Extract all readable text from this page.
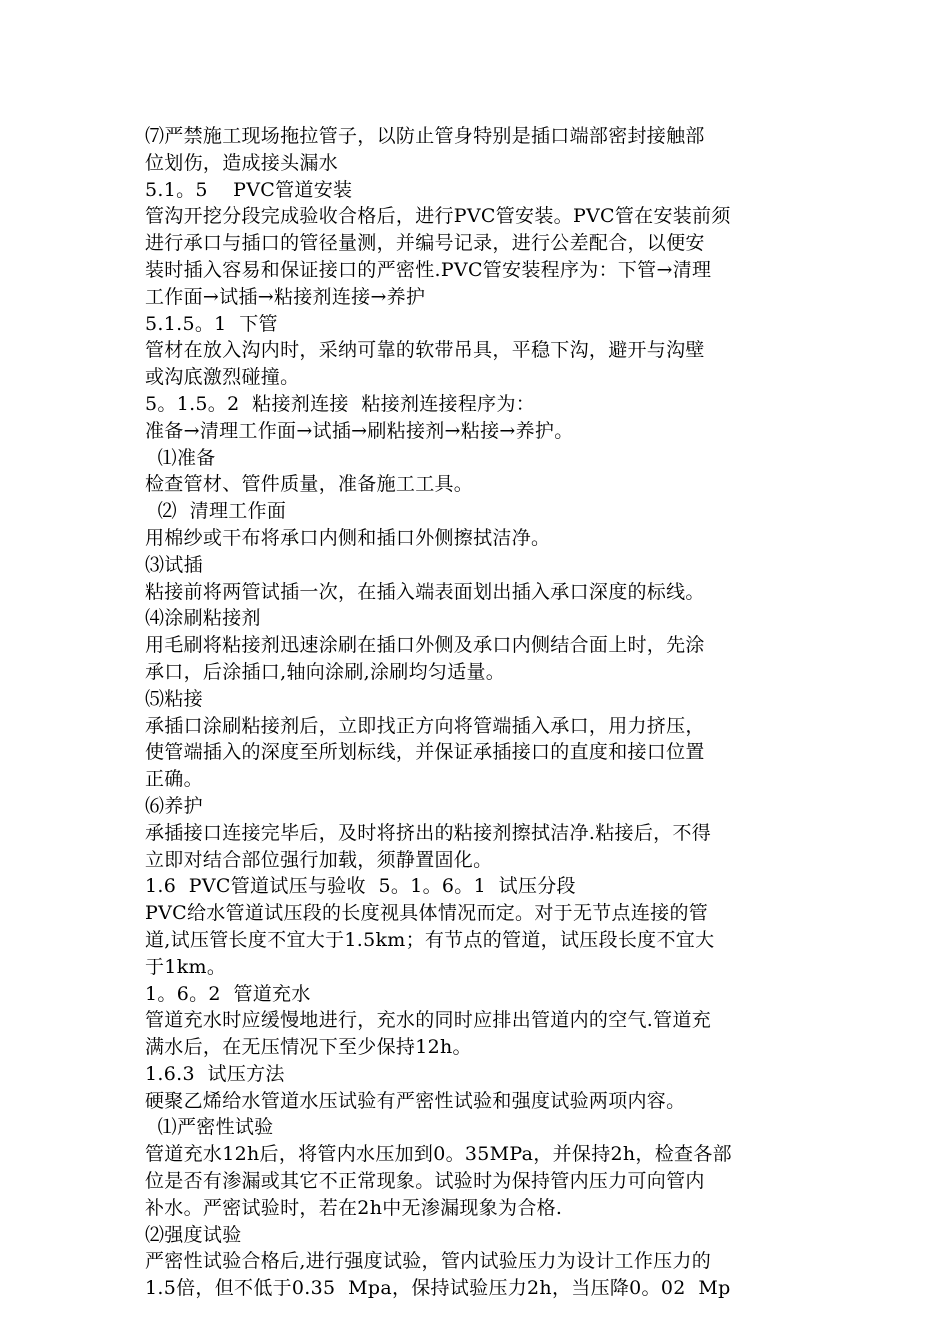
⑺严禁施工现场拖拉管子，以防止管身特别是插口端部密封接触部
位划伤，造成接头漏水
5.1。5    PVC管道安装
管沟开挖分段完成验收合格后，进行PVC管安装。PVC管在安装前须
进行承口与插口的管径量测，并编号记录，进行公差配合，以便安
装时插入容易和保证接口的严密性.PVC管安装程序为：下管→清理
工作面→试插→粘接剂连接→养护
5.1.5。1  下管
管材在放入沟内时，采纳可靠的软带吊具，平稳下沟，避开与沟壁
或沟底激烈碰撞。
5。1.5。2  粘接剂连接  粘接剂连接程序为：
准备→清理工作面→试插→刷粘接剂→粘接→养护。
⑴准备
检查管材、管件质量，准备施工工具。
⑵  清理工作面
用棉纱或干布将承口内侧和插口外侧擦拭洁净。
⑶试插
粘接前将两管试插一次，在插入端表面划出插入承口深度的标线。
⑷涂刷粘接剂
用毛刷将粘接剂迅速涂刷在插口外侧及承口内侧结合面上时，先涂
承口，后涂插口,轴向涂刷,涂刷均匀适量。
⑸粘接
承插口涂刷粘接剂后，立即找正方向将管端插入承口，用力挤压，
使管端插入的深度至所划标线，并保证承插接口的直度和接口位置
正确。
⑹养护
承插接口连接完毕后，及时将挤出的粘接剂擦拭洁净.粘接后，不得
立即对结合部位强行加载，须静置固化。
1.6  PVC管道试压与验收  5。1。6。1  试压分段
PVC给水管道试压段的长度视具体情况而定。对于无节点连接的管
道,试压管长度不宜大于1.5km；有节点的管道，试压段长度不宜大
于1km。
1。6。2  管道充水
管道充水时应缓慢地进行，充水的同时应排出管道内的空气.管道充
满水后，在无压情况下至少保持12h。
1.6.3  试压方法
硬聚乙烯给水管道水压试验有严密性试验和强度试验两项内容。
⑴严密性试验
管道充水12h后，将管内水压加到0。35MPa，并保持2h，检查各部
位是否有渗漏或其它不正常现象。试验时为保持管内压力可向管内
补水。严密试验时，若在2h中无渗漏现象为合格.
⑵强度试验
严密性试验合格后,进行强度试验，管内试验压力为设计工作压力的
1.5倍，但不低于0.35  Mpa，保持试验压力2h，当压降0。02  Mp
